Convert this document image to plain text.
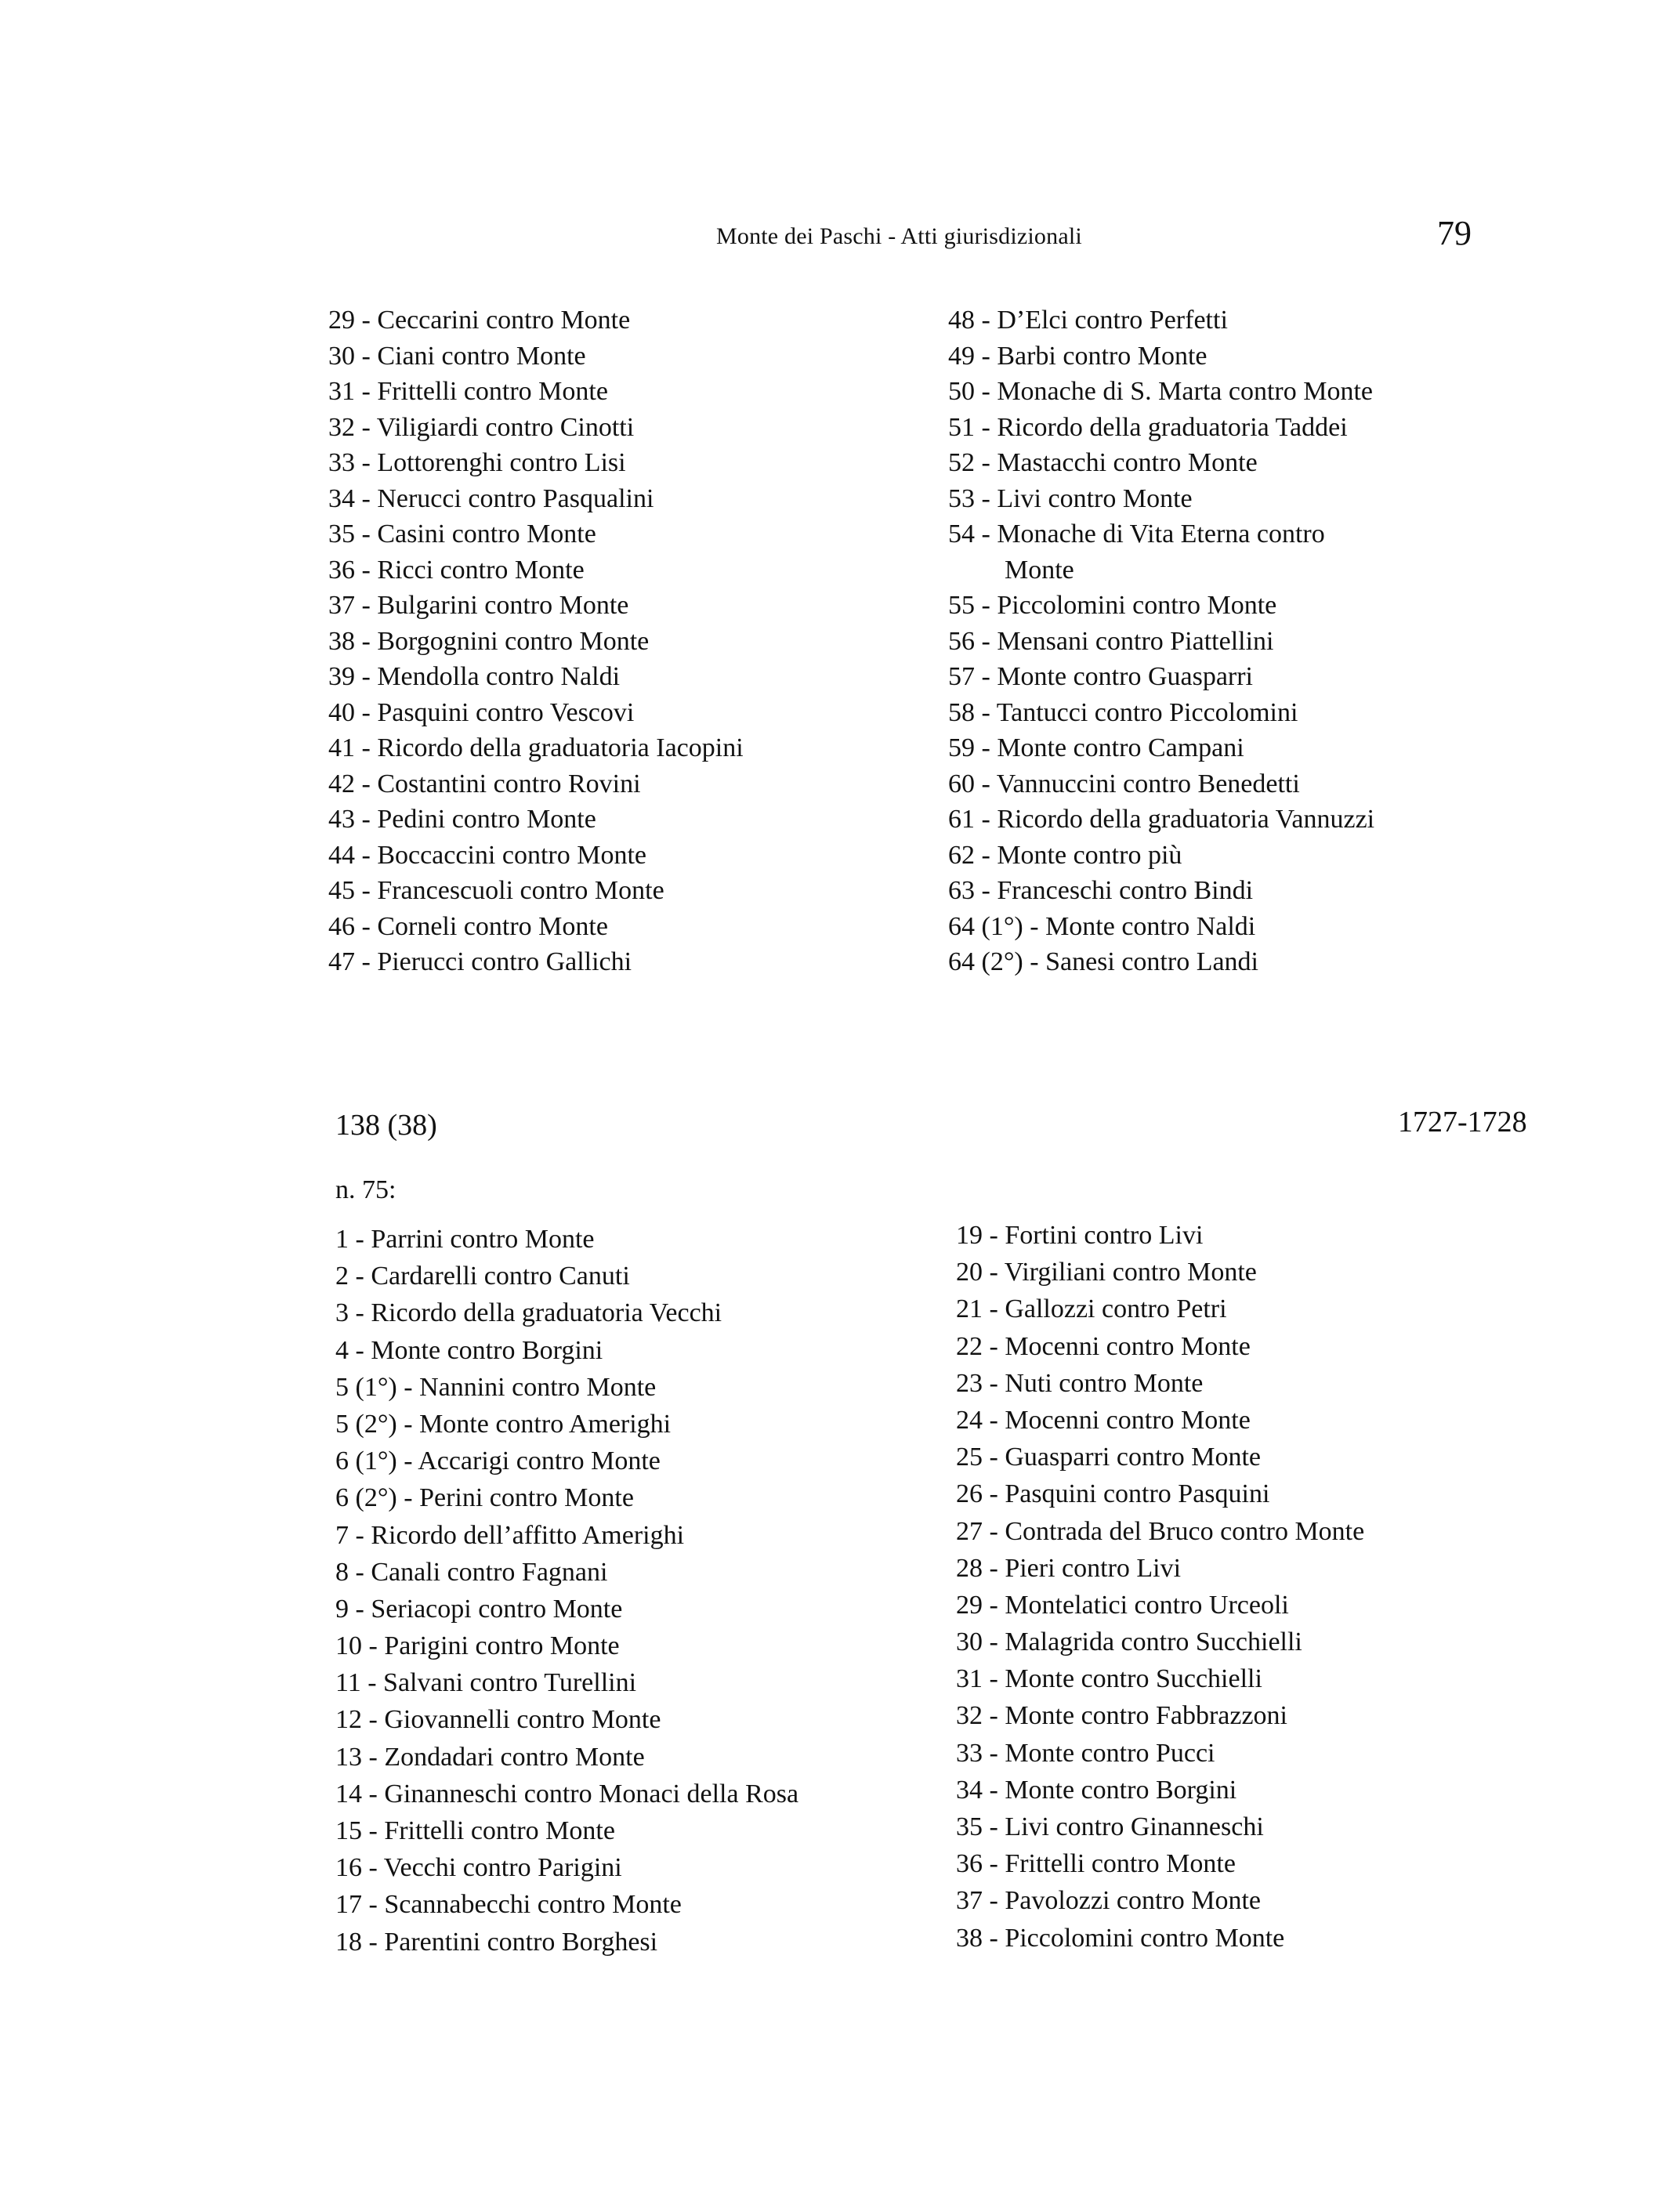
Monte dei Paschi - Atti giurisdizionali	79
29 - Ceccarini contro Monte
30 - Ciani contro Monte
31 - Frittelli contro Monte
32 - Viligiardi contro Cinotti
33 - Lottorenghi contro Lisi
34 - Nerucci contro Pasqualini
35 - Casini contro Monte
36 - Ricci contro Monte
37 - Bulgarini contro Monte
38 - Borgognini contro Monte
39 - Mendolla contro Naldi
40 - Pasquini contro Vescovi
41 - Ricordo della graduatoria Iacopini
42 - Costantini contro Rovini
43 - Pedini contro Monte
44 - Boccaccini contro Monte
45 - Francescuoli contro Monte
46 - Corneli contro Monte
47 - Pierucci contro Gallichi
48 - D’Elci contro Perfetti
49 - Barbi contro Monte
50 - Monache di S. Marta contro Monte
51 - Ricordo della graduatoria Taddei
52 - Mastacchi contro Monte
53 - Livi contro Monte
54 - Monache di Vita Eterna contro
Monte
55 - Piccolomini contro Monte
56 - Mensani contro Piattellini
57 - Monte contro Guasparri
58 - Tantucci contro Piccolomini
59 - Monte contro Campani
60 - Vannuccini contro Benedetti
61 - Ricordo della graduatoria Vannuzzi
62 - Monte contro più
63 - Franceschi contro Bindi
64 (1°) - Monte contro Naldi
64 (2°) - Sanesi contro Landi
138 (38)	1727-1728
n. 75:
1 - Parrini contro Monte
2 - Cardarelli contro Canuti
3 - Ricordo della graduatoria Vecchi
4 - Monte contro Borgini
5 (1°) - Nannini contro Monte
5 (2°) - Monte contro Amerighi
6 (1°) - Accarigi contro Monte
6 (2°) - Perini contro Monte
7 - Ricordo dell’affitto Amerighi
8 - Canali contro Fagnani
9 - Seriacopi contro Monte
10 - Parigini contro Monte
11 - Salvani contro Turellini
12 - Giovannelli contro Monte
13 - Zondadari contro Monte
14 - Ginanneschi contro Monaci della Rosa
15 - Frittelli contro Monte
16 - Vecchi contro Parigini
17 - Scannabecchi contro Monte
18 - Parentini contro Borghesi
19 - Fortini contro Livi
20 - Virgiliani contro Monte
21 - Gallozzi contro Petri
22 - Mocenni contro Monte
23 - Nuti contro Monte
24 - Mocenni contro Monte
25 - Guasparri contro Monte
26 - Pasquini contro Pasquini
27 - Contrada del Bruco contro Monte
28 - Pieri contro Livi
29 - Montelatici contro Urceoli
30 - Malagrida contro Succhielli
31 - Monte contro Succhielli
32 - Monte contro Fabbrazzoni
33 - Monte contro Pucci
34 - Monte contro Borgini
35 - Livi contro Ginanneschi
36 - Frittelli contro Monte
37 - Pavolozzi contro Monte
38 - Piccolomini contro Monte
